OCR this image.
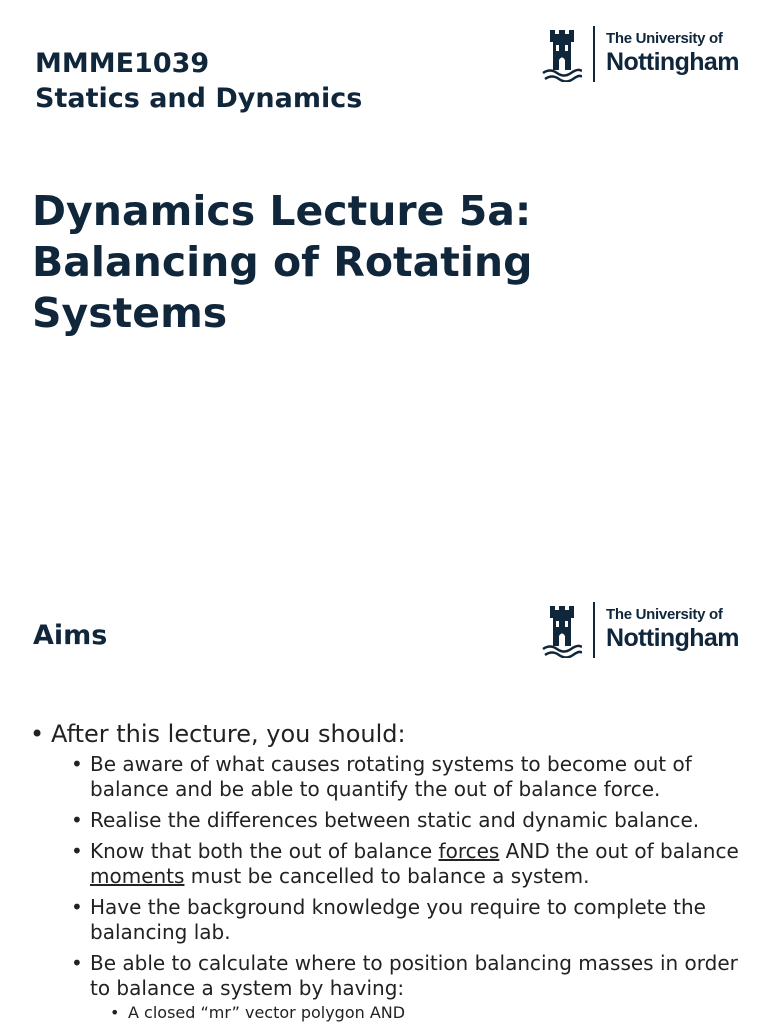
The University of
Nottingham
MMME1039
Statics and Dynamics
Dynamics Lecture 5a:
Balancing of Rotating
Systems
The University of
Nottingham
Aims
• After this lecture, you should:
• Be aware of what causes rotating systems to become out of balance and be able to quantify the out of balance force.
• Realise the differences between static and dynamic balance.
• Know that both the out of balance forces AND the out of balance moments must be cancelled to balance a system.
• Have the background knowledge you require to complete the balancing lab.
• Be able to calculate where to position balancing masses in order to balance a system by having:
• A closed “mr” vector polygon AND
